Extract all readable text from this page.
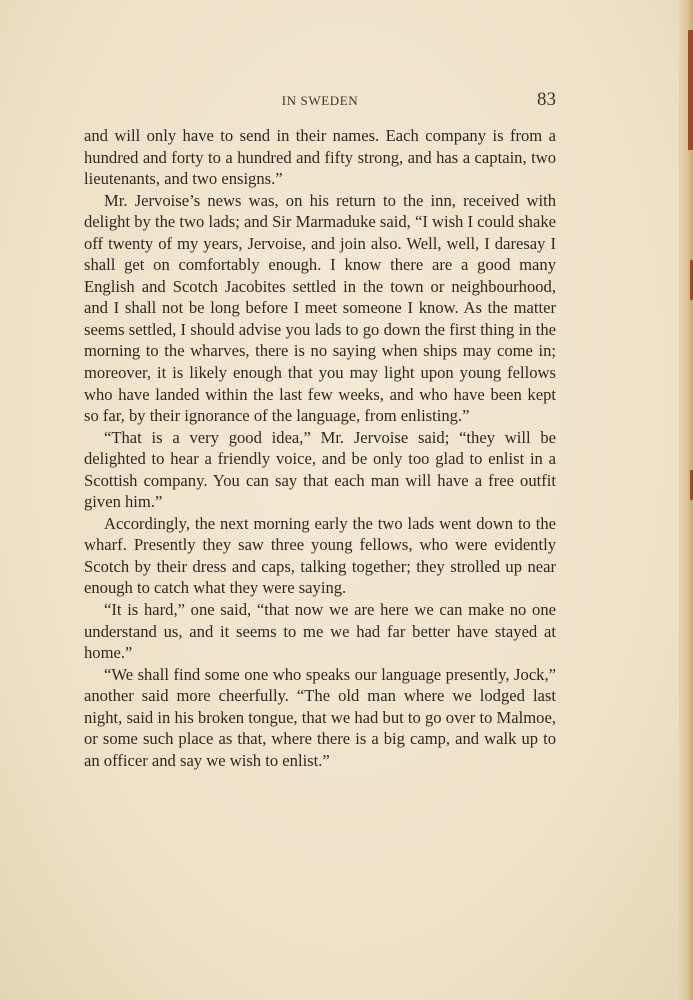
IN SWEDEN	83

and will only have to send in their names. Each company is from a hundred and forty to a hundred and fifty strong, and has a captain, two lieutenants, and two ensigns.”

Mr. Jervoise’s news was, on his return to the inn, received with delight by the two lads; and Sir Marmaduke said, “I wish I could shake off twenty of my years, Jervoise, and join also. Well, well, I daresay I shall get on comfortably enough. I know there are a good many English and Scotch Jacobites settled in the town or neighbourhood, and I shall not be long before I meet someone I know. As the matter seems settled, I should advise you lads to go down the first thing in the morning to the wharves, there is no saying when ships may come in; moreover, it is likely enough that you may light upon young fellows who have landed within the last few weeks, and who have been kept so far, by their ignorance of the language, from enlisting.”

“That is a very good idea,” Mr. Jervoise said; “they will be delighted to hear a friendly voice, and be only too glad to enlist in a Scottish company. You can say that each man will have a free outfit given him.”

Accordingly, the next morning early the two lads went down to the wharf. Presently they saw three young fellows, who were evidently Scotch by their dress and caps, talking together; they strolled up near enough to catch what they were saying.

“It is hard,” one said, “that now we are here we can make no one understand us, and it seems to me we had far better have stayed at home.”

“We shall find some one who speaks our language presently, Jock,” another said more cheerfully. “The old man where we lodged last night, said in his broken tongue, that we had but to go over to Malmoe, or some such place as that, where there is a big camp, and walk up to an officer and say we wish to enlist.”
